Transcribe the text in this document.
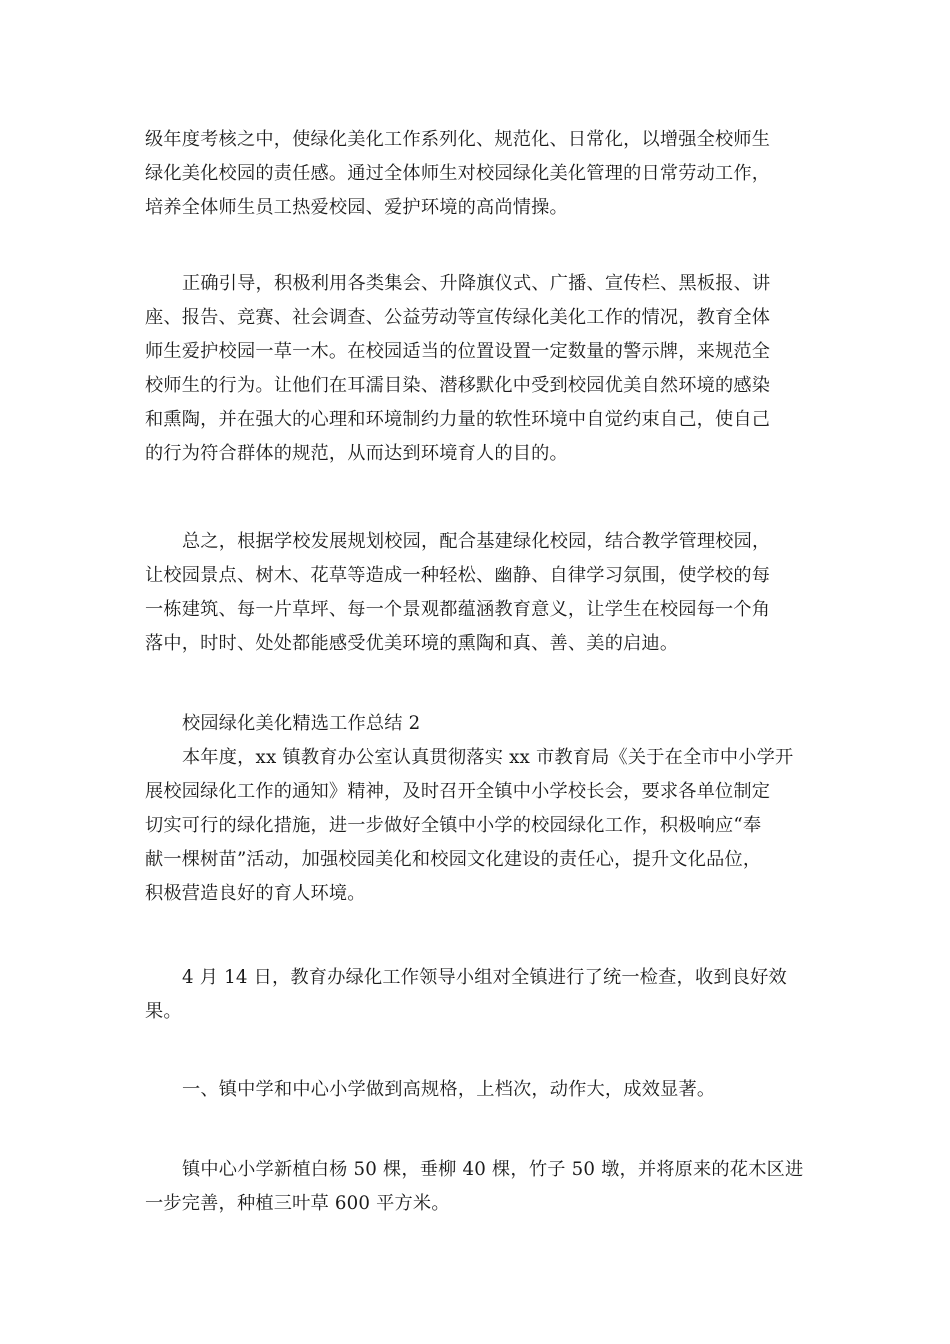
级年度考核之中，使绿化美化工作系列化、规范化、日常化，以增强全校师生
绿化美化校园的责任感。通过全体师生对校园绿化美化管理的日常劳动工作，
培养全体师生员工热爱校园、爱护环境的高尚情操。
正确引导，积极利用各类集会、升降旗仪式、广播、宣传栏、黑板报、讲
座、报告、竞赛、社会调查、公益劳动等宣传绿化美化工作的情况，教育全体
师生爱护校园一草一木。在校园适当的位置设置一定数量的警示牌，来规范全
校师生的行为。让他们在耳濡目染、潜移默化中受到校园优美自然环境的感染
和熏陶，并在强大的心理和环境制约力量的软性环境中自觉约束自己，使自己
的行为符合群体的规范，从而达到环境育人的目的。
总之，根据学校发展规划校园，配合基建绿化校园，结合教学管理校园，
让校园景点、树木、花草等造成一种轻松、幽静、自律学习氛围，使学校的每
一栋建筑、每一片草坪、每一个景观都蕴涵教育意义，让学生在校园每一个角
落中，时时、处处都能感受优美环境的熏陶和真、善、美的启迪。
校园绿化美化精选工作总结 2
本年度，xx 镇教育办公室认真贯彻落实 xx 市教育局《关于在全市中小学开
展校园绿化工作的通知》精神，及时召开全镇中小学校长会，要求各单位制定
切实可行的绿化措施，进一步做好全镇中小学的校园绿化工作，积极响应“奉
献一棵树苗”活动，加强校园美化和校园文化建设的责任心，提升文化品位，
积极营造良好的育人环境。
4 月 14 日，教育办绿化工作领导小组对全镇进行了统一检查，收到良好效
果。
一、镇中学和中心小学做到高规格，上档次，动作大，成效显著。
镇中心小学新植白杨 50 棵，垂柳 40 棵，竹子 50 墩，并将原来的花木区进
一步完善，种植三叶草 600 平方米。
